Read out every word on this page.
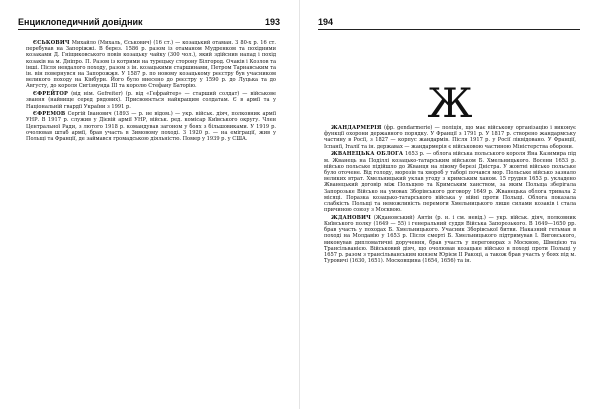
Енциклопедичний довідник	193

ЄСЬКОВИЧ Михайло (Михаль, Єськович) (16 ст.) — козацький отаман. З 80-х р. 16 ст. перебував на Запоріжжі. В берез. 1586 р. разом із отаманом Мудренком та похідними козаками Д. Гніщиковського повів козацьку чайку (300 чол.), який здійснив напад і похід козаків на м. Дніпро. П. Разом із котрими на турецьку сторону Білгород. Очаків і Козлов та інші. Після невдалого походу, разом з ін. козацькими старшинами, Петром Тарнавським та ін. він повернувся на Запорожжя. У 1587 р. по новому козацькому реєстру був учасником великого походу на Кінбурн. Його було внесено до реєстру у 1590 р. до Луцька та до Августу, до короля Сигізмунда ІІІ та королю Стефану Баторію.

ЄФРЕЙТОР (від нім. Gefreiter) (р. від «Гефрайтер» — старший солдат) — військове звання (найвище серед рядових). Присвоюється найкращим солдатам. Є в армії та у Національній гвардії України з 1991 р.

ЄФРЕМОВ Сергій Іванович (1893 — р. не відом.) — укр. військ. діяч, полковник армії УНР. В 1917 р. служив у Дієвій армії УНР, військ. ред. комісар Київського округу. Член Центральної Ради, з лютого 1918 р. командував загоном у боях з більшовиками. У 1919 р. очолював штаб армії, брав участь в Зимовому поході. З 1920 р. — на еміграції, жив у Польщі та Франції, де займався громадською діяльністю. Помер у 1939 р. у США.

194
Ж

ЖАНДАРМЕРІЯ (фр. gendarmerie) — поліція, що має військову організацію і виконує функції охорони державного порядку. У Франції з 1791 р. У 1817 р. створено жандармську частину в Росії, з 1827 — корпус жандармів. Після 1917 р. у Росії ліквідовано. У Франції, Іспанії, Італії та ін. державах — жандармерія є військовою частиною Міністерства оборони.

ЖВАНЕЦЬКА ОБЛОГА 1653 р. — облога війська польського короля Яна Казимира під м. Жванець на Поділлі козацько-татарським військом Б. Хмельницького. Восени 1653 р. військо польське підійшло до Жванця на лівому березі Дністра. У жовтні військо польське було оточене. Від голоду, морозів та хвороб у таборі почався мор. Польське військо зазнало великих втрат. Хмельницький уклав угоду з кримським ханом. 15 грудня 1653 р. укладено Жванецький договір між Польщею та Кримським ханством, за яким Польща зберігала Запорозьке Військо на умовах Зборівського договору 1649 р. Жванецька облога тривала 2 місяці. Поразка козацько-татарського війська у війні проти Польщі. Облога показала слабкість Польщі та неможливість перемоги Хмельницького лише силами козаків і стала причиною союзу з Москвою.

ЖДАНОВИЧ (Ждановський) Антін (р. н. і см. невід.) — укр. військ. діяч, полковник Київського полку (1649 — 55) і генеральний суддя Війська Запорозького. В 1649—1650 рр. брав участь у походах Б. Хмельницького. Учасник Зборівської битви. Наказний гетьман в поході на Молдавію у 1653 р. Після смерті Б. Хмельницького підтримував І. Виговського, виконував дипломатичні доручення, брав участь у переговорах з Москвою, Швецією та Трансільванією. Військовий діяч, що очолював козацьке військо в поході проти Польщі у 1657 р. разом з трансільванським князем Юрієм II Ракоці, а також брав участь у боях під м. Туровичі (1630, 1651). Московщина (1654, 1656) та ін.
